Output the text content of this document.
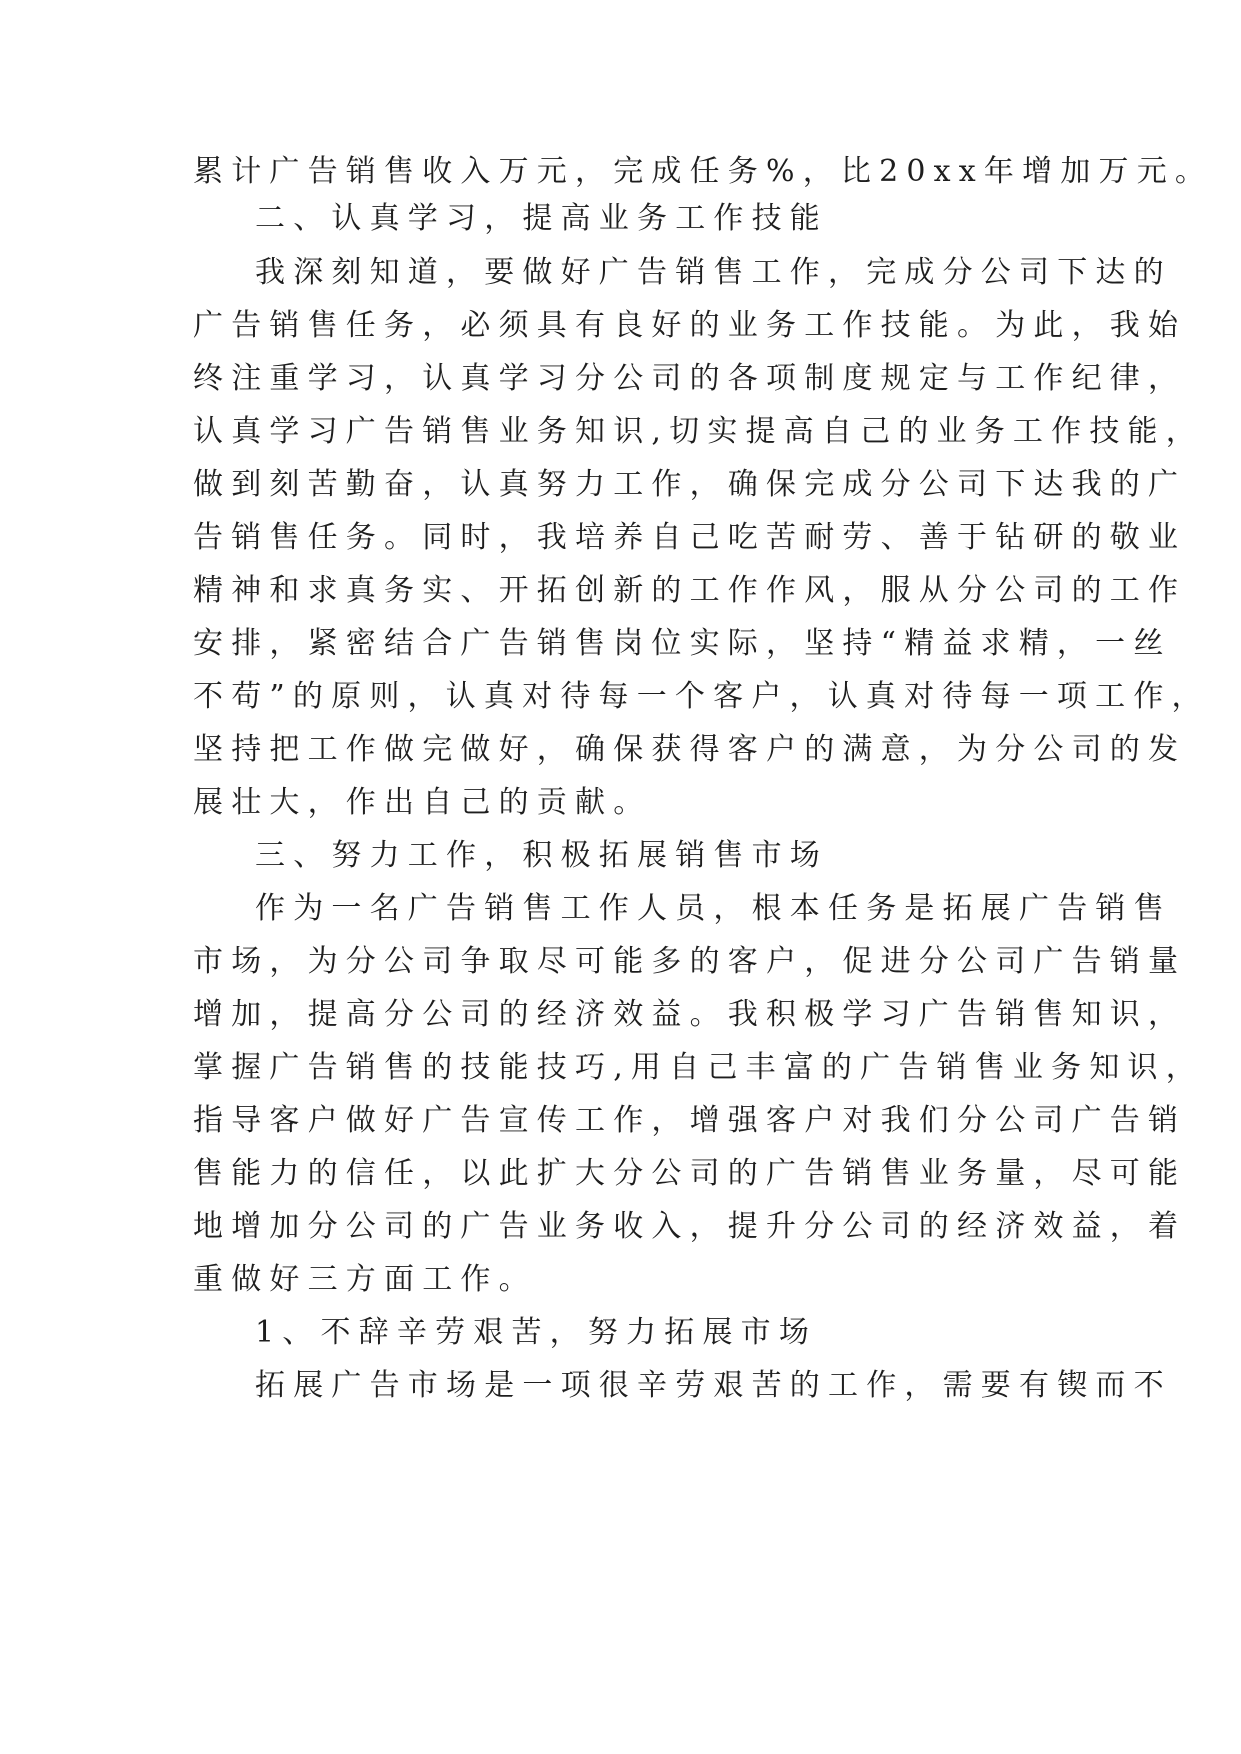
累计广告销售收入万元，完成任务%，比20xx年增加万元。
二、认真学习，提高业务工作技能
我深刻知道，要做好广告销售工作，完成分公司下达的
广告销售任务，必须具有良好的业务工作技能。为此，我始
终注重学习，认真学习分公司的各项制度规定与工作纪律，
认真学习广告销售业务知识,切实提高自己的业务工作技能，
做到刻苦勤奋，认真努力工作，确保完成分公司下达我的广
告销售任务。同时，我培养自己吃苦耐劳、善于钻研的敬业
精神和求真务实、开拓创新的工作作风，服从分公司的工作
安排，紧密结合广告销售岗位实际，坚持“精益求精，一丝
不苟”的原则，认真对待每一个客户，认真对待每一项工作，
坚持把工作做完做好，确保获得客户的满意，为分公司的发
展壮大，作出自己的贡献。
三、努力工作，积极拓展销售市场
作为一名广告销售工作人员，根本任务是拓展广告销售
市场，为分公司争取尽可能多的客户，促进分公司广告销量
增加，提高分公司的经济效益。我积极学习广告销售知识，
掌握广告销售的技能技巧,用自己丰富的广告销售业务知识，
指导客户做好广告宣传工作，增强客户对我们分公司广告销
售能力的信任，以此扩大分公司的广告销售业务量，尽可能
地增加分公司的广告业务收入，提升分公司的经济效益，着
重做好三方面工作。
1、不辞辛劳艰苦，努力拓展市场
拓展广告市场是一项很辛劳艰苦的工作，需要有锲而不
